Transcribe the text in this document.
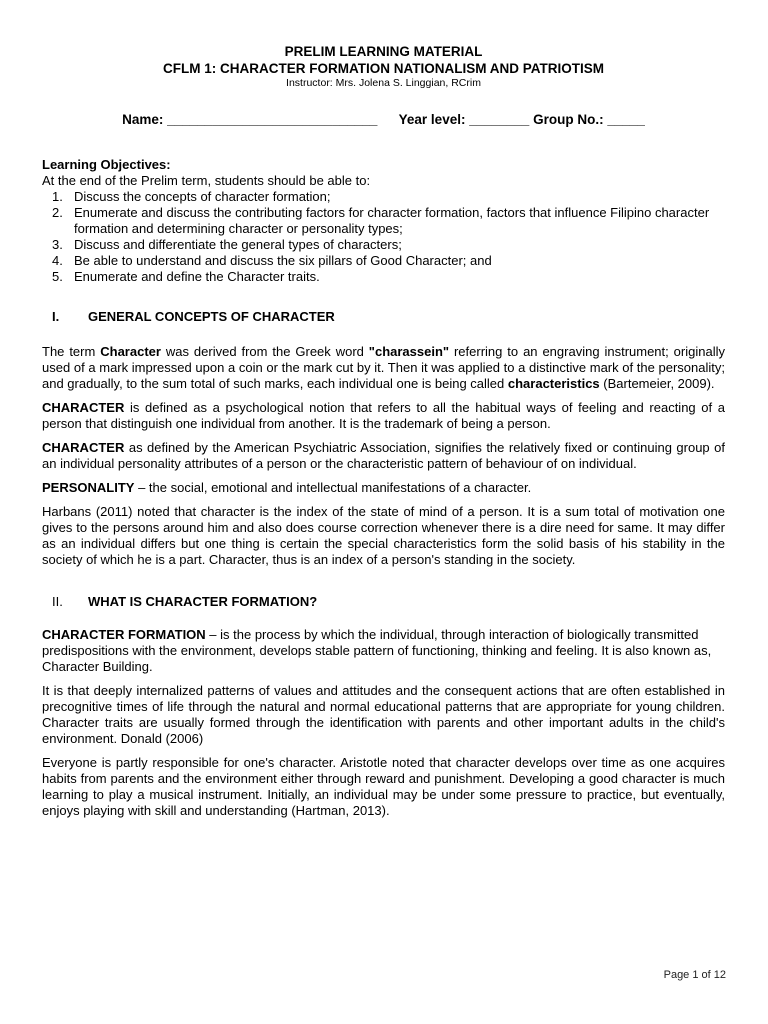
PRELIM LEARNING MATERIAL
CFLM 1: CHARACTER FORMATION NATIONALISM AND PATRIOTISM
Instructor: Mrs. Jolena S. Linggian, RCrim
Name: ____________________________ Year level: ________ Group No.: _____
Learning Objectives:
At the end of the Prelim term, students should be able to:
1. Discuss the concepts of character formation;
2. Enumerate and discuss the contributing factors for character formation, factors that influence Filipino character formation and determining character or personality types;
3. Discuss and differentiate the general types of characters;
4. Be able to understand and discuss the six pillars of Good Character; and
5. Enumerate and define the Character traits.
I.	GENERAL CONCEPTS OF CHARACTER

The term Character was derived from the Greek word "charassein" referring to an engraving instrument; originally used of a mark impressed upon a coin or the mark cut by it. Then it was applied to a distinctive mark of the personality; and gradually, to the sum total of such marks, each individual one is being called characteristics (Bartemeier, 2009).

CHARACTER is defined as a psychological notion that refers to all the habitual ways of feeling and reacting of a person that distinguish one individual from another. It is the trademark of being a person.

CHARACTER as defined by the American Psychiatric Association, signifies the relatively fixed or continuing group of an individual personality attributes of a person or the characteristic pattern of behaviour of on individual.

PERSONALITY – the social, emotional and intellectual manifestations of a character.

Harbans (2011) noted that character is the index of the state of mind of a person. It is a sum total of motivation one gives to the persons around him and also does course correction whenever there is a dire need for same. It may differ as an individual differs but one thing is certain the special characteristics form the solid basis of his stability in the society of which he is a part. Character, thus is an index of a person's standing in the society.

II.	WHAT IS CHARACTER FORMATION?

CHARACTER FORMATION – is the process by which the individual, through interaction of biologically transmitted predispositions with the environment, develops stable pattern of functioning, thinking and feeling. It is also known as, Character Building.

It is that deeply internalized patterns of values and attitudes and the consequent actions that are often established in precognitive times of life through the natural and normal educational patterns that are appropriate for young children. Character traits are usually formed through the identification with parents and other important adults in the child's environment. Donald (2006)

Everyone is partly responsible for one's character. Aristotle noted that character develops over time as one acquires habits from parents and the environment either through reward and punishment. Developing a good character is much learning to play a musical instrument. Initially, an individual may be under some pressure to practice, but eventually, enjoys playing with skill and understanding (Hartman, 2013).

Page 1 of 12
